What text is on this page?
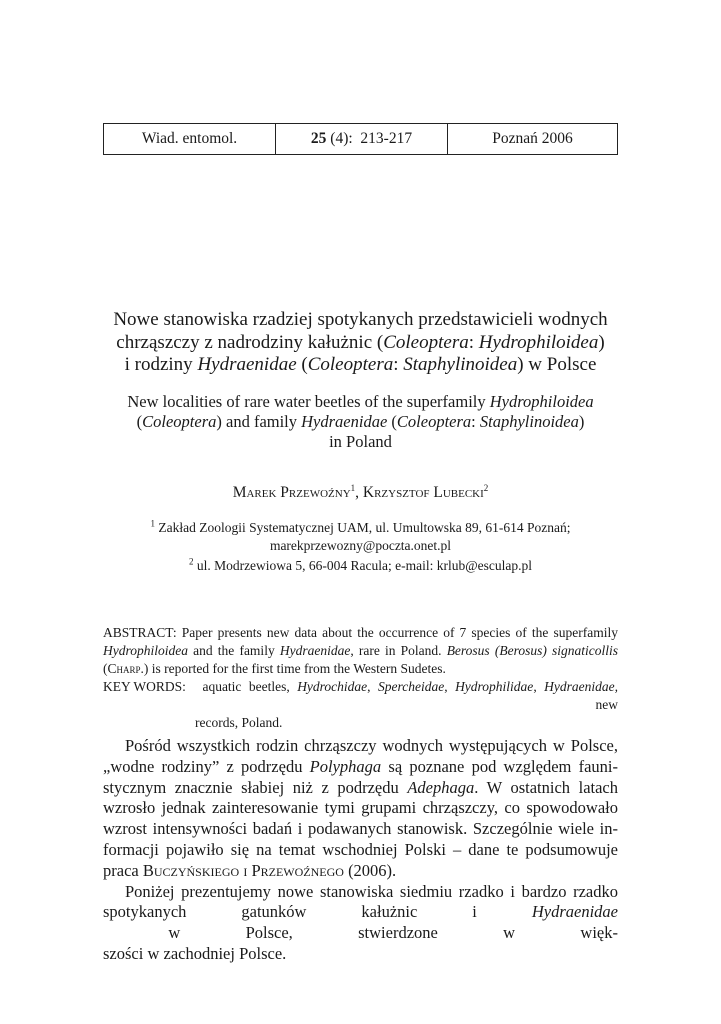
Wiad. entomol.	25 (4):  213-217	Poznań 2006
Nowe stanowiska rzadziej spotykanych przedstawicieli wodnych
chrząszczy z nadrodziny kałużnic (Coleoptera: Hydrophiloidea)
i rodziny Hydraenidae (Coleoptera: Staphylinoidea) w Polsce
New localities of rare water beetles of the superfamily Hydrophiloidea
(Coleoptera) and family Hydraenidae (Coleoptera: Staphylinoidea)
in Poland
Marek Przewoźny$^1$, Krzysztof Lubecki$^2$
$^1$ Zakład Zoologii Systematycznej UAM, ul. Umultowska 89, 61-614 Poznań;
marekprzewozny@poczta.onet.pl
$^2$ ul. Modrzewiowa 5, 66-004 Racula; e-mail: krlub@esculap.pl
ABSTRACT: Paper presents new data about the occurrence of 7 species of the superfamily
Hydrophiloidea and the family Hydraenidae, rare in Poland. Berosus (Berosus) signaticollis
(Charp.) is reported for the first time from the Western Sudetes.
KEY WORDS: aquatic beetles, Hydrochidae, Spercheidae, Hydrophilidae, Hydraenidae, new
records, Poland.

Pośród wszystkich rodzin chrząszczy wodnych występujących w Polsce,
„wodne rodziny” z podrzędu Polyphaga są poznane pod względem fauni-
stycznym znacznie słabiej niż z podrzędu Adephaga. W ostatnich latach
wzrosło jednak zainteresowanie tymi grupami chrząszczy, co spowodowało
wzrost intensywności badań i podawanych stanowisk. Szczególnie wiele in-
formacji pojawiło się na temat wschodniej Polski – dane te podsumowuje
praca Buczyńskiego i Przewoźnego (2006).

Poniżej prezentujemy nowe stanowiska siedmiu rzadko i bardzo rzadko
spotykanych gatunków kałużnic i Hydraenidae w Polsce, stwierdzone w więk-
szości w zachodniej Polsce.
